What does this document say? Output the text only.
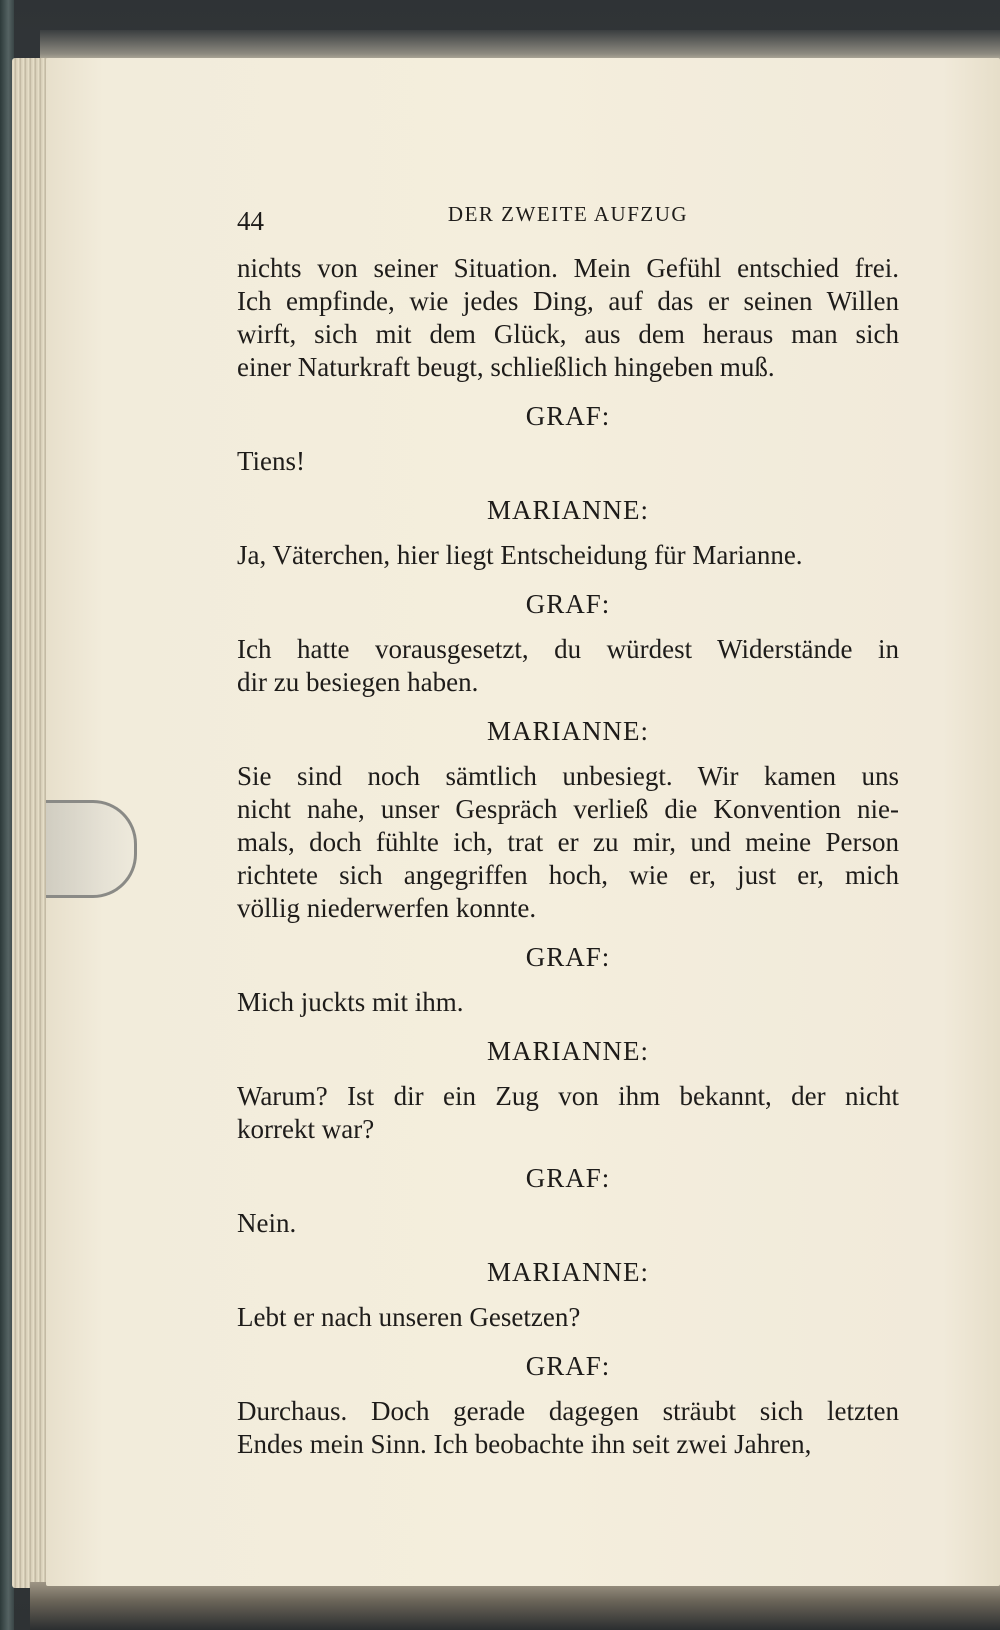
44	DER ZWEITE AUFZUG
nichts von seiner Situation. Mein Gefühl entschied frei.
Ich empfinde, wie jedes Ding, auf das er seinen Willen
wirft, sich mit dem Glück, aus dem heraus man sich
einer Naturkraft beugt, schließlich hingeben muß.
GRAF:
Tiens!
MARIANNE:
Ja, Väterchen, hier liegt Entscheidung für Marianne.
GRAF:
Ich hatte vorausgesetzt, du würdest Widerstände in
dir zu besiegen haben.
MARIANNE:
Sie sind noch sämtlich unbesiegt. Wir kamen uns
nicht nahe, unser Gespräch verließ die Konvention nie-
mals, doch fühlte ich, trat er zu mir, und meine Person
richtete sich angegriffen hoch, wie er, just er, mich
völlig niederwerfen konnte.
GRAF:
Mich juckts mit ihm.
MARIANNE:
Warum? Ist dir ein Zug von ihm bekannt, der nicht
korrekt war?
GRAF:
Nein.
MARIANNE:
Lebt er nach unseren Gesetzen?
GRAF:
Durchaus. Doch gerade dagegen sträubt sich letzten
Endes mein Sinn. Ich beobachte ihn seit zwei Jahren,
